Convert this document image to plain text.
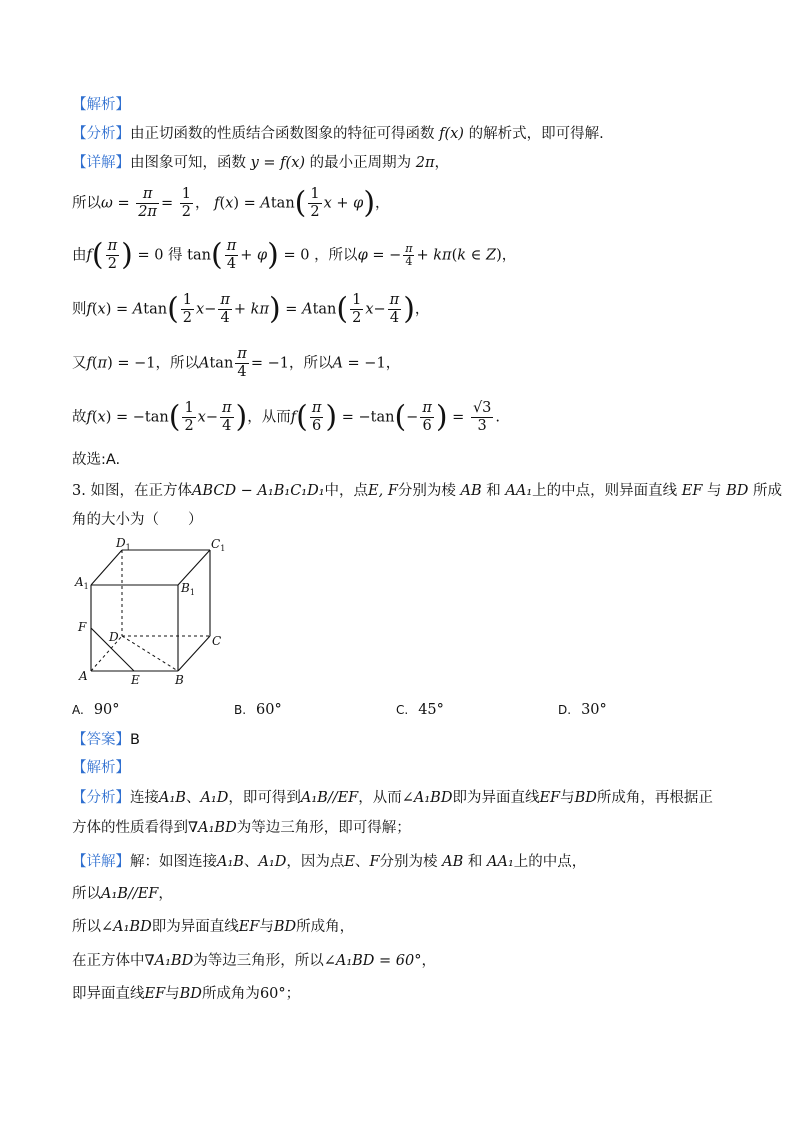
【解析】
【分析】由正切函数的性质结合函数图象的特征可得函数 f(x) 的解析式，即可得解.
【详解】由图象可知，函数 y = f(x) 的最小正周期为 2π，
所以$\omega = \frac{\pi}{2\pi} = \frac{1}{2}$ ， $f(x) = Atan( \frac{1}{2}$ x + φ)，
由$f( \frac{\pi}{2}$ ) = 0 得 $\tan( \frac{\pi}{4} + \varphi) = 0$ ，所以φ = − $\frac{\pi}{4} + k\pi(k$ ∈ Z)，
则$f(x) = Atan( \frac{1}{2} x- \frac{\pi}{4} + k\pi) = Atan( \frac{1}{2} x- \frac{\pi}{4}$ )，
又f(π) = −1，所以Atan $\frac{\pi}{4} = -1$，所以A = −1，
故$f(x) = -\tan( \frac{1}{2} x- \frac{\pi}{4}$ )，从而$f( \frac{\pi}{6}$ ) = $-\tan(- \frac{\pi}{6}$ ) = $\frac{√3}{3}$ .
故选:A.
3. 如图，在正方体ABCD − A₁B₁C₁D₁中，点E, F分别为棱 AB 和 AA₁上的中点，则异面直线 EF 与 BD 所成
角的大小为（　　）
$D_1$	$C_1$
$A_1$	$B_1$
F
D	C
A	E	B
A. 90°	B. 60°	C. 45°	D. 30°
【答案】B
【解析】
【分析】连接A₁B、A₁D，即可得到A₁B//EF，从而∠A₁BD即为异面直线EF与BD所成角，再根据正
方体的性质看得到∇A₁BD为等边三角形，即可得解；
【详解】解：如图连接A₁B、A₁D，因为点E、F分别为棱 AB 和 AA₁上的中点，
所以A₁B//EF，
所以∠A₁BD即为异面直线EF与BD所成角，
在正方体中∇A₁BD为等边三角形，所以∠A₁BD = 60°，
即异面直线EF与BD所成角为60°；
